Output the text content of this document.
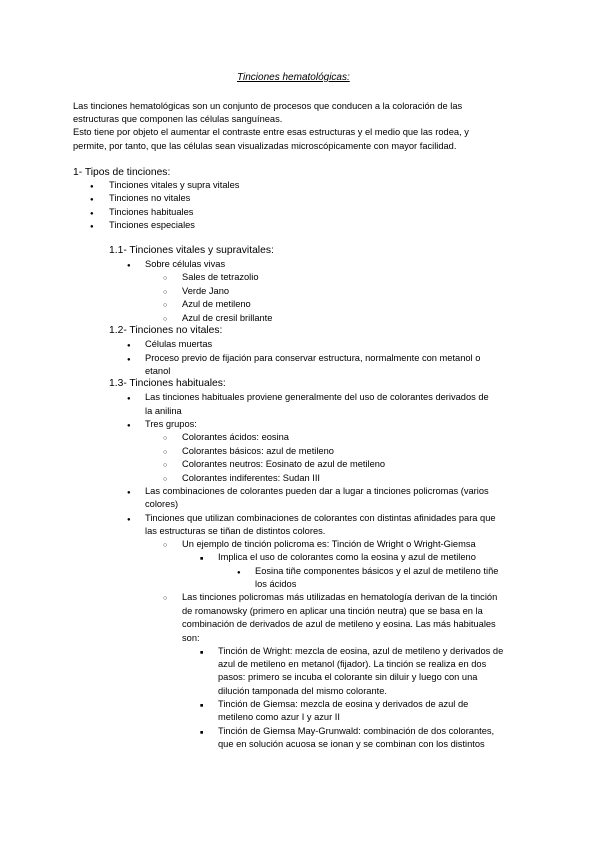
Tinciones hematológicas:
Las tinciones hematológicas son un conjunto de procesos que conducen a la coloración de las
estructuras que componen las células sanguíneas.
Esto tiene por objeto el aumentar el contraste entre esas estructuras y el medio que las rodea, y
permite, por tanto, que las células sean visualizadas microscópicamente con mayor facilidad.
1- Tipos de tinciones:
●
Tinciones vitales y supra vitales
●
Tinciones no vitales
●
Tinciones habituales
●
Tinciones especiales
1.1- Tinciones vitales y supravitales:
●
Sobre células vivas
○
Sales de tetrazolio
○
Verde Jano
○
Azul de metileno
○
Azul de cresil brillante
1.2- Tinciones no vitales:
●
Células muertas
●
Proceso previo de fijación para conservar estructura, normalmente con metanol o
etanol
1.3- Tinciones habituales:
●
Las tinciones habituales proviene generalmente del uso de colorantes derivados de
la anilina
●
Tres grupos:
○
Colorantes ácidos: eosina
○
Colorantes básicos: azul de metileno
○
Colorantes neutros: Eosinato de azul de metileno
○
Colorantes indiferentes: Sudan III
●
Las combinaciones de colorantes pueden dar a lugar a tinciones policromas (varios
colores)
●
Tinciones que utilizan combinaciones de colorantes con distintas afinidades para que
las estructuras se tiñan de distintos colores.
○
Un ejemplo de tinción policroma es: Tinción de Wright o Wright-Giemsa
■
Implica el uso de colorantes como la eosina y azul de metileno
●
Eosina tiñe componentes básicos y el azul de metileno tiñe
los ácidos
○
Las tinciones policromas más utilizadas en hematología derivan de la tinción
de romanowsky (primero en aplicar una tinción neutra) que se basa en la
combinación de derivados de azul de metileno y eosina. Las más habituales
son:
■
Tinción de Wright: mezcla de eosina, azul de metileno y derivados de
azul de metileno en metanol (fijador). La tinción se realiza en dos
pasos: primero se incuba el colorante sin diluir y luego con una
dilución tamponada del mismo colorante.
■
Tinción de Giemsa: mezcla de eosina y derivados de azul de
metileno como azur I y azur II
■
Tinción de Giemsa May-Grunwald: combinación de dos colorantes,
que en solución acuosa se ionan y se combinan con los distintos
